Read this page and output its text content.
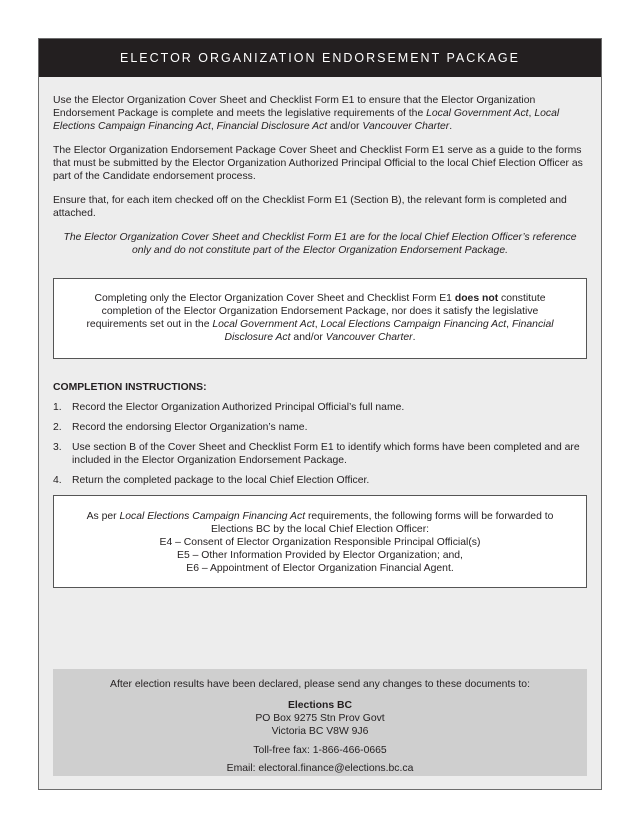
ELECTOR ORGANIZATION ENDORSEMENT PACKAGE

Use the Elector Organization Cover Sheet and Checklist Form E1 to ensure that the Elector Organization Endorsement Package is complete and meets the legislative requirements of the Local Government Act, Local Elections Campaign Financing Act, Financial Disclosure Act and/or Vancouver Charter.

The Elector Organization Endorsement Package Cover Sheet and Checklist Form E1 serve as a guide to the forms that must be submitted by the Elector Organization Authorized Principal Official to the local Chief Election Officer as part of the Candidate endorsement process.

Ensure that, for each item checked off on the Checklist Form E1 (Section B), the relevant form is completed and attached.

The Elector Organization Cover Sheet and Checklist Form E1 are for the local Chief Election Officer’s reference only and do not constitute part of the Elector Organization Endorsement Package.

Completing only the Elector Organization Cover Sheet and Checklist Form E1 does not constitute completion of the Elector Organization Endorsement Package, nor does it satisfy the legislative requirements set out in the Local Government Act, Local Elections Campaign Financing Act, Financial Disclosure Act and/or Vancouver Charter.
COMPLETION INSTRUCTIONS:
1. Record the Elector Organization Authorized Principal Official’s full name.
2. Record the endorsing Elector Organization’s name.
3. Use section B of the Cover Sheet and Checklist Form E1 to identify which forms have been completed and are included in the Elector Organization Endorsement Package.
4. Return the completed package to the local Chief Election Officer.
As per Local Elections Campaign Financing Act requirements, the following forms will be forwarded to Elections BC by the local Chief Election Officer:
E4 – Consent of Elector Organization Responsible Principal Official(s)
E5 – Other Information Provided by Elector Organization; and,
E6 – Appointment of Elector Organization Financial Agent.
After election results have been declared, please send any changes to these documents to:
Elections BC
PO Box 9275 Stn Prov Govt
Victoria BC V8W 9J6
Toll-free fax: 1-866-466-0665
Email: electoral.finance@elections.bc.ca
